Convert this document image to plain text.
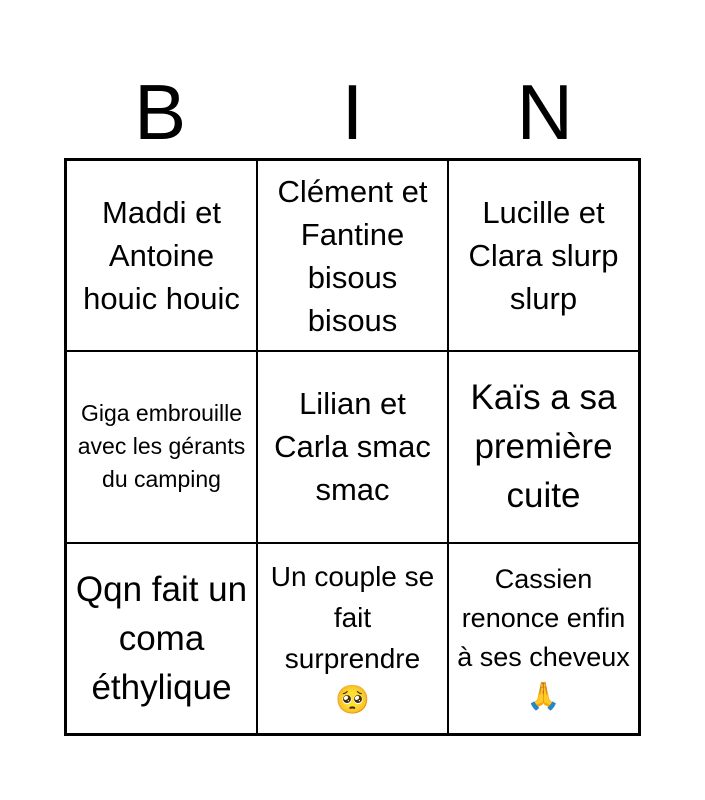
B	I	N
Maddi et Antoine houic houic
Clément et Fantine bisous bisous
Lucille et Clara slurp slurp
Giga embrouille avec les gérants du camping
Lilian et Carla smac smac
Kaïs a sa première cuite
Qqn fait un coma éthylique
Un couple se fait surprendre 🥺
Cassien renonce enfin à ses cheveux 🙏
